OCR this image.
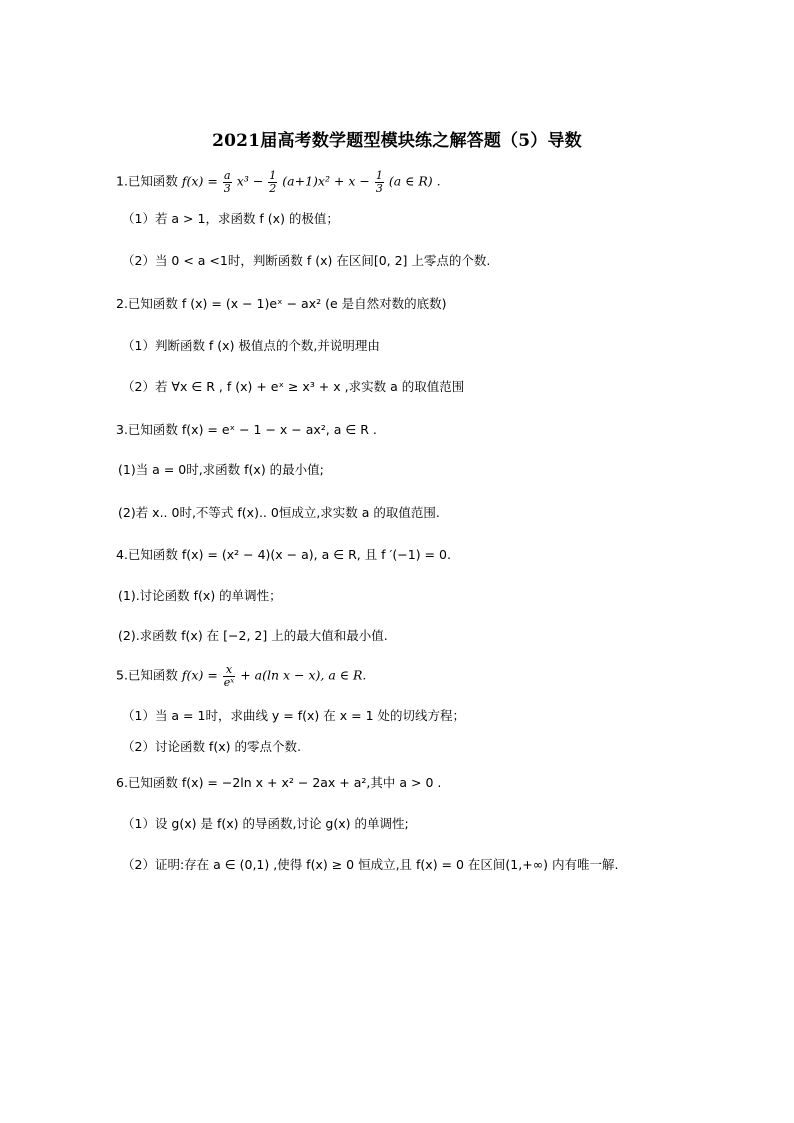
2021届高考数学题型模块练之解答题（5）导数
1.已知函数 $f(x) = \frac{a}{3} x^3 - \frac{1}{2} (a+1)x^2 + x - \frac{1}{3} (a$ ∈ R) .
（1）若 a > 1，求函数 f (x) 的极值；
（2）当 0 < a <1时，判断函数 f (x) 在区间[0, 2] 上零点的个数.
2.已知函数 f (x) = (x − 1)eˣ − ax² (e 是自然对数的底数)
（1）判断函数 f (x) 极值点的个数,并说明理由
（2）若 ∀x ∈ R , f (x) + eˣ ≥ x³ + x ,求实数 a 的取值范围
3.已知函数 f(x) = eˣ − 1 − x − ax², a ∈ R .
(1)当 a = 0时,求函数 f(x) 的最小值;
(2)若 x.. 0时,不等式 f(x).. 0恒成立,求实数 a 的取值范围.
4.已知函数 f(x) = (x² − 4)(x − a), a ∈ R, 且 f ′(−1) = 0.
(1).讨论函数 f(x) 的单调性；
(2).求函数 f(x) 在 [−2, 2] 上的最大值和最小值.
5.已知函数 $f(x) = \frac{x}{\text{eˣ}} + a(\ln$ x − x), a ∈ R.
（1）当 a = 1时，求曲线 y = f(x) 在 x = 1 处的切线方程；
（2）讨论函数 f(x) 的零点个数.
6.已知函数 f(x) = −2ln x + x² − 2ax + a²,其中 a > 0 .
（1）设 g(x) 是 f(x) 的导函数,讨论 g(x) 的单调性;
（2）证明:存在 a ∈ (0,1) ,使得 f(x) ≥ 0 恒成立,且 f(x) = 0 在区间(1,+∞) 内有唯一解.
